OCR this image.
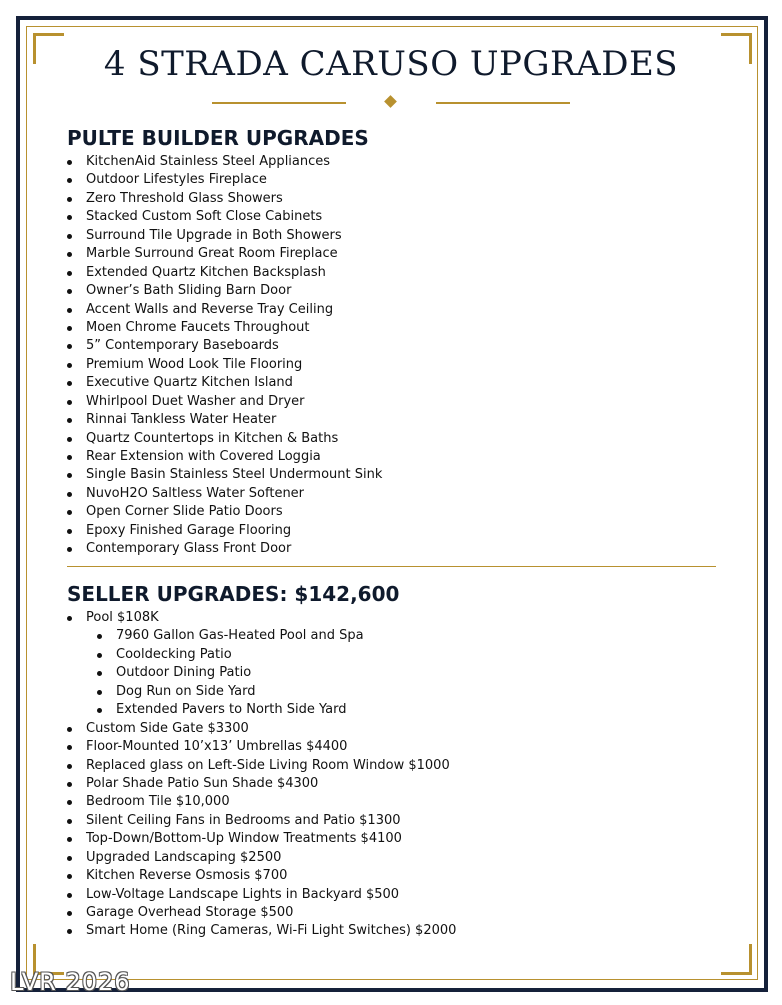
4 STRADA CARUSO UPGRADES
PULTE BUILDER UPGRADES
KitchenAid Stainless Steel Appliances
Outdoor Lifestyles Fireplace
Zero Threshold Glass Showers
Stacked Custom Soft Close Cabinets
Surround Tile Upgrade in Both Showers
Marble Surround Great Room Fireplace
Extended Quartz Kitchen Backsplash
Owner’s Bath Sliding Barn Door
Accent Walls and Reverse Tray Ceiling
Moen Chrome Faucets Throughout
5” Contemporary Baseboards
Premium Wood Look Tile Flooring
Executive Quartz Kitchen Island
Whirlpool Duet Washer and Dryer
Rinnai Tankless Water Heater
Quartz Countertops in Kitchen & Baths
Rear Extension with Covered Loggia
Single Basin Stainless Steel Undermount Sink
NuvoH2O Saltless Water Softener
Open Corner Slide Patio Doors
Epoxy Finished Garage Flooring
Contemporary Glass Front Door
SELLER UPGRADES: $142,600
Pool $108K
7960 Gallon Gas-Heated Pool and Spa
Cooldecking Patio
Outdoor Dining Patio
Dog Run on Side Yard
Extended Pavers to North Side Yard
Custom Side Gate $3300
Floor-Mounted 10’x13’ Umbrellas $4400
Replaced glass on Left-Side Living Room Window $1000
Polar Shade Patio Sun Shade $4300
Bedroom Tile $10,000
Silent Ceiling Fans in Bedrooms and Patio $1300
Top-Down/Bottom-Up Window Treatments $4100
Upgraded Landscaping $2500
Kitchen Reverse Osmosis $700
Low-Voltage Landscape Lights in Backyard $500
Garage Overhead Storage $500
Smart Home (Ring Cameras, Wi-Fi Light Switches) $2000
LVR 2026
